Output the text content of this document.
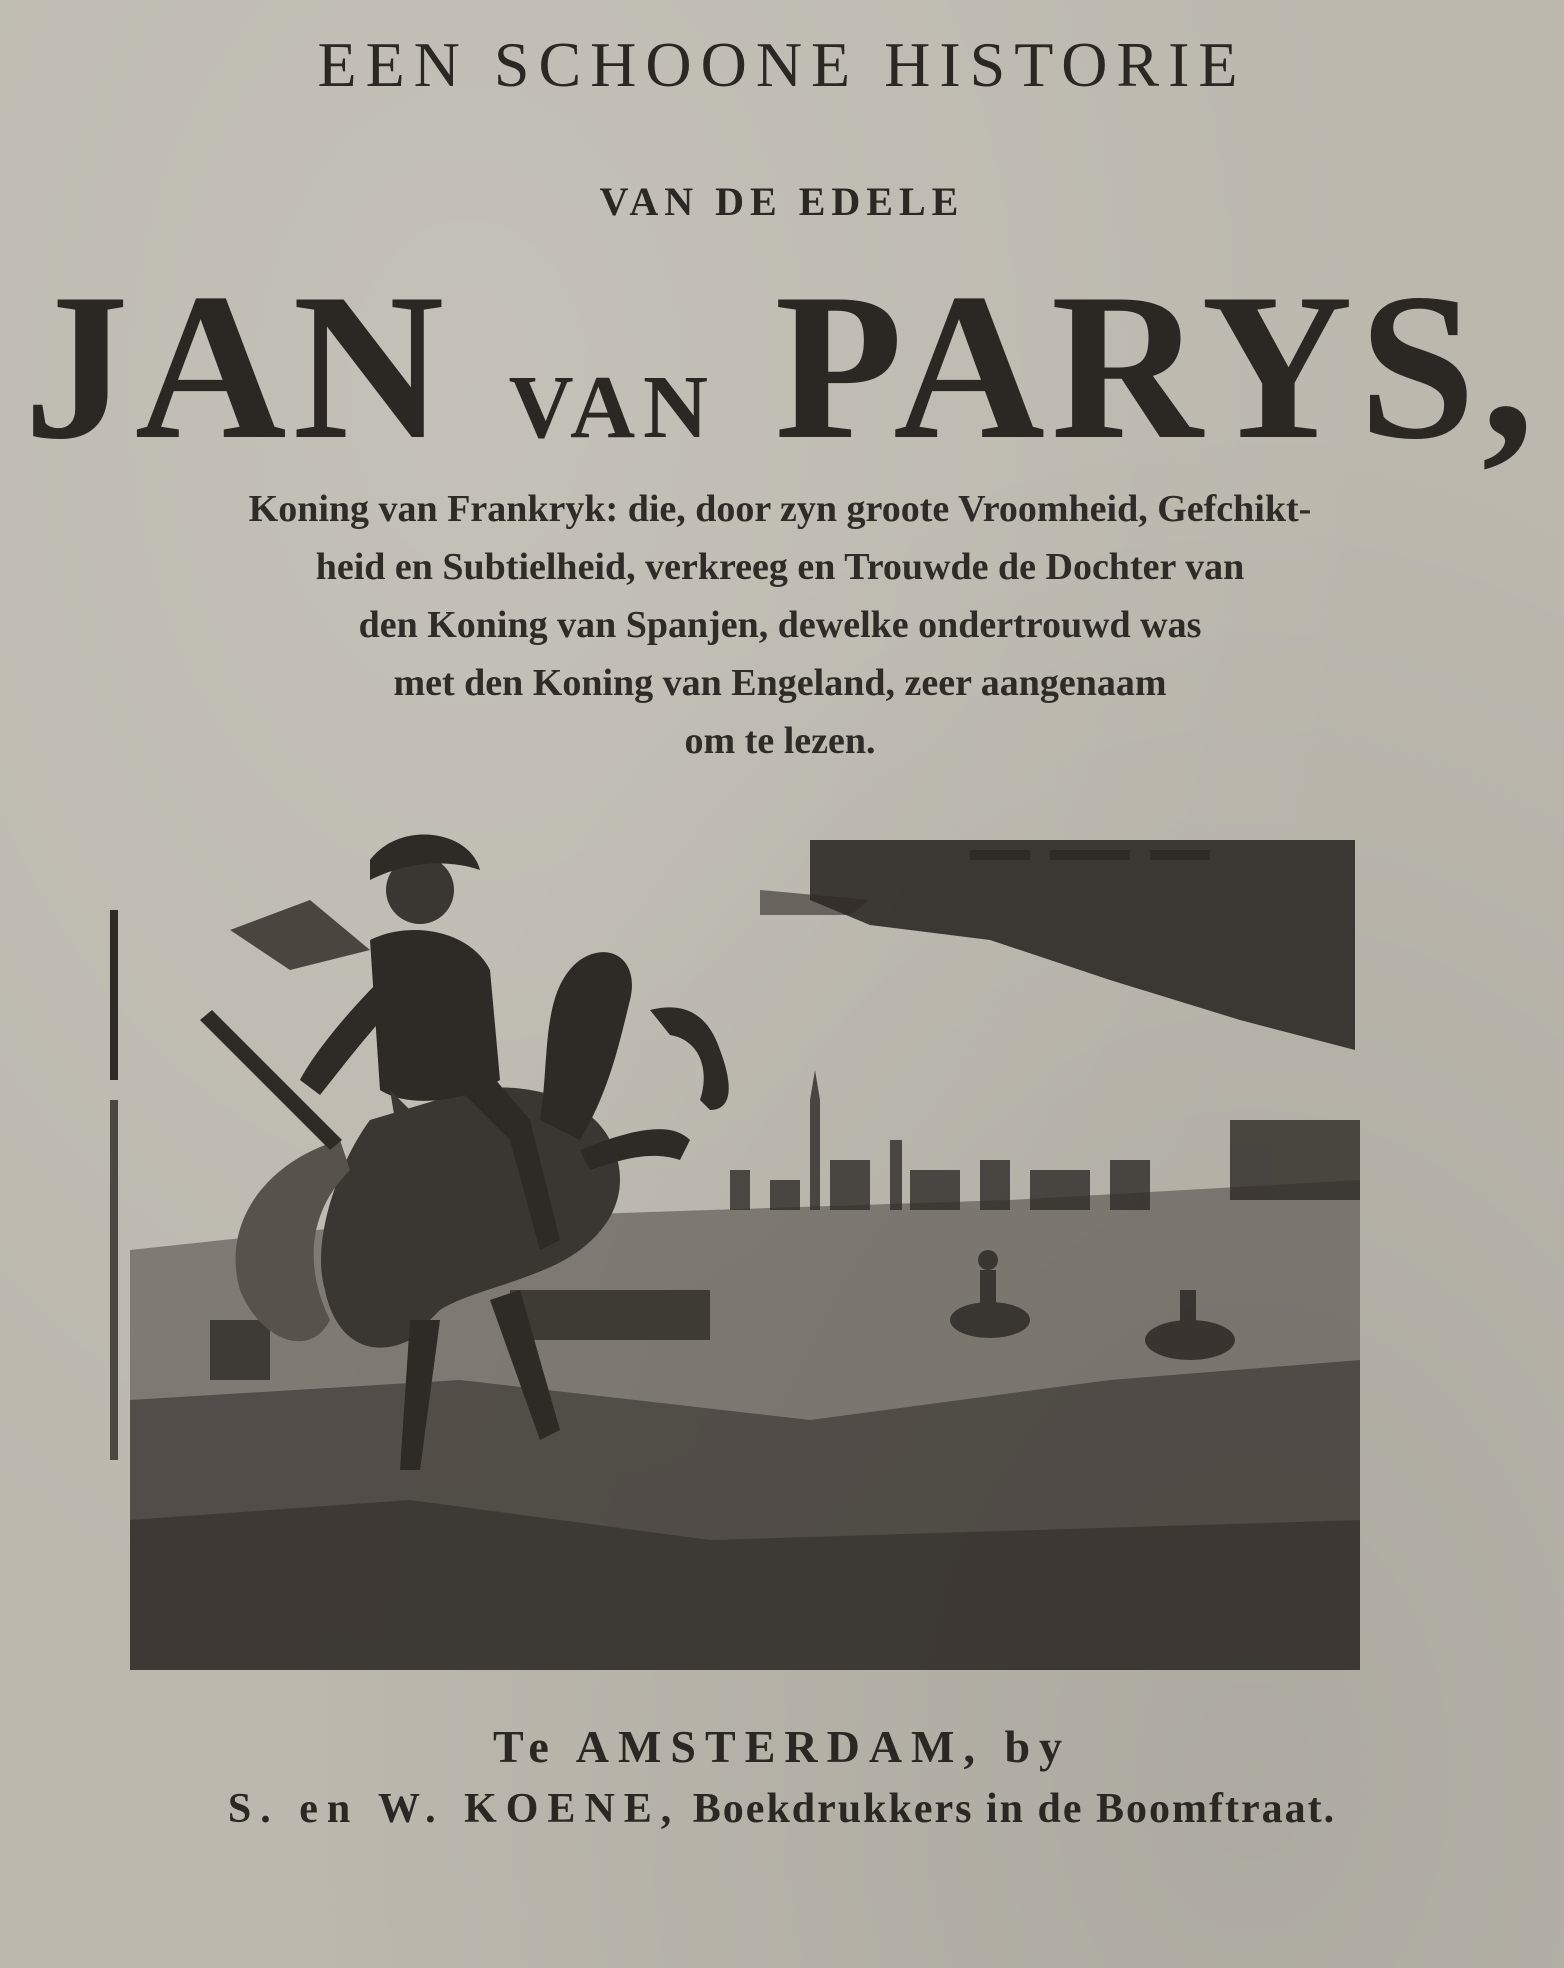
EEN SCHOONE HISTORIE
VAN DE EDELE
JAN VAN PARYS,
Koning van Frankryk: die, door zyn groote Vroomheid, Gefchikt-
heid en Subtielheid, verkreeg en Trouwde de Dochter van
den Koning van Spanjen, dewelke ondertrouwd was
met den Koning van Engeland, zeer aangenaam
om te lezen.
Te AMSTERDAM, by
S. en W. KOENE, Boekdrukkers in de Boomftraat.
